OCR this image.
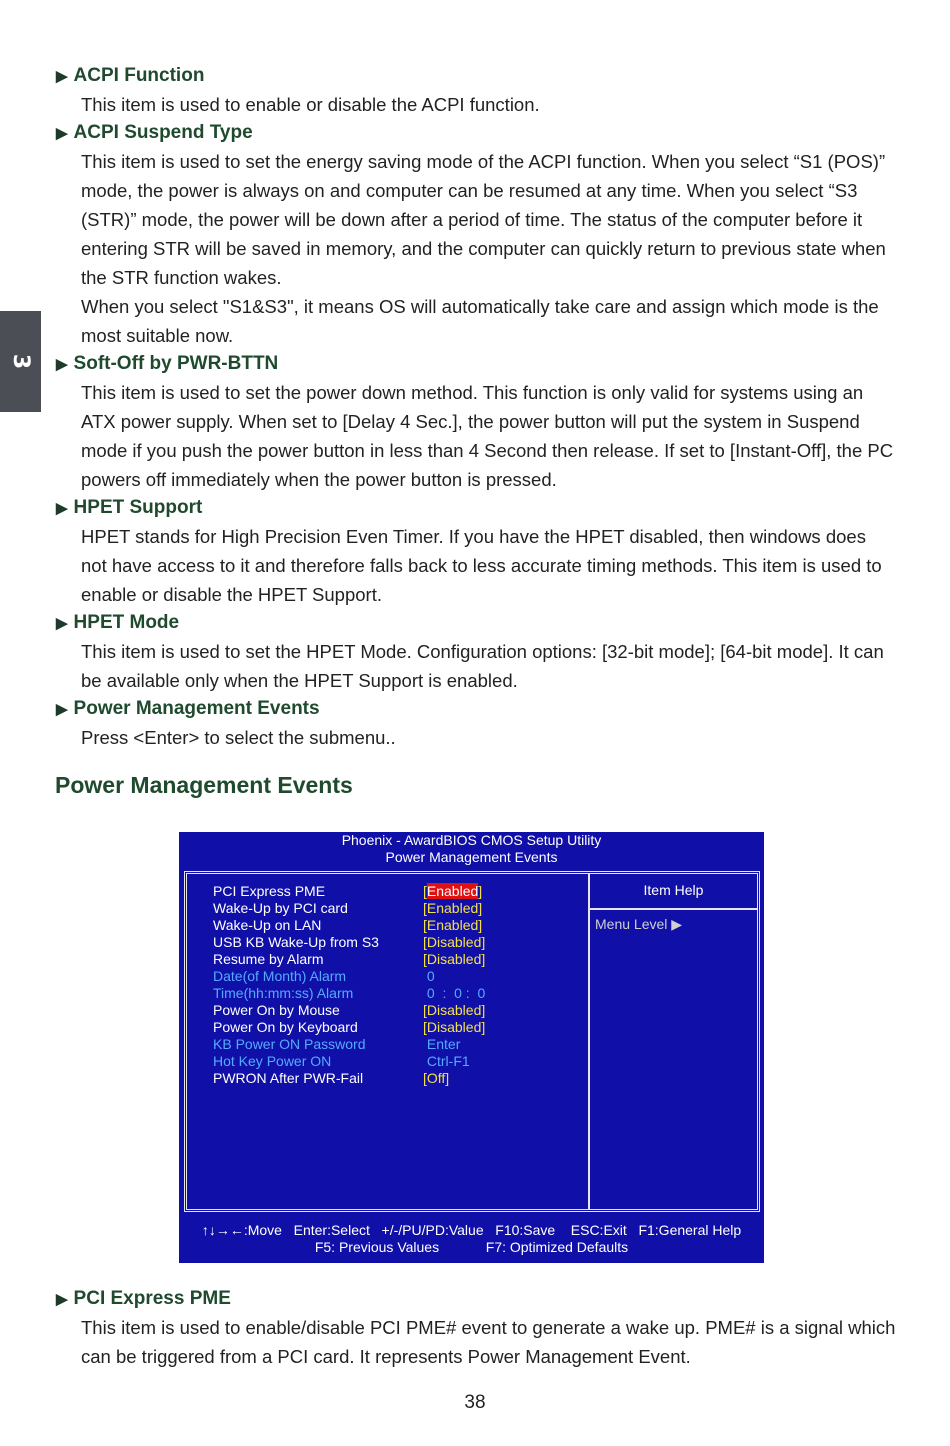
3
▶ ACPI Function

This item is used to enable or disable the ACPI function.

▶ ACPI Suspend Type

This item is used to set the energy saving mode of the ACPI function. When you select “S1 (POS)” mode, the power is always on and computer can be resumed at any time. When you select “S3 (STR)” mode, the power will be down after a period of time. The status of the computer before it entering STR will be saved in memory, and the computer can quickly return to previous state when the STR function wakes.

When you select "S1&S3", it means OS will automatically take care and assign which mode is the most suitable now.

▶ Soft-Off by PWR-BTTN

This item is used to set the power down method. This function is only valid for systems using an ATX power supply. When set to [Delay 4 Sec.], the power button will put the system in Suspend mode if you push the power button in less than 4 Second then release. If set to [Instant-Off], the PC powers off immediately when the power button is pressed.

▶ HPET Support

HPET stands for High Precision Even Timer. If you have the HPET disabled, then windows does not have access to it and therefore falls back to less accurate timing methods. This item is used to enable or disable the HPET Support.

▶ HPET Mode

This item is used to set the HPET Mode. Configuration options: [32-bit mode]; [64-bit mode]. It can be available only when the HPET Support is enabled.

▶ Power Management Events

Press <Enter> to select the submenu..

Power Management Events
Phoenix - AwardBIOS CMOS Setup Utility
Power Management Events
Item Help
Menu Level ▶
PCI Express PME	[Enabled]
Wake-Up by PCI card	[Enabled]
Wake-Up on LAN	[Enabled]
USB KB Wake-Up from S3	[Disabled]
Resume by Alarm	[Disabled]
Date(of Month) Alarm	0
Time(hh:mm:ss) Alarm	0  :  0 :  0
Power On by Mouse	[Disabled]
Power On by Keyboard	[Disabled]
KB Power ON Password	Enter
Hot Key Power ON	Ctrl-F1
PWRON After PWR-Fail	[Off]
↑↓→←:Move   Enter:Select   +/-/PU/PD:Value   F10:Save    ESC:Exit   F1:General Help
F5: Previous Values            F7: Optimized Defaults
▶ PCI Express PME

This item is used to enable/disable PCI PME# event to generate a wake up. PME# is a signal which can be triggered from a PCI card. It represents Power Management Event.

38
